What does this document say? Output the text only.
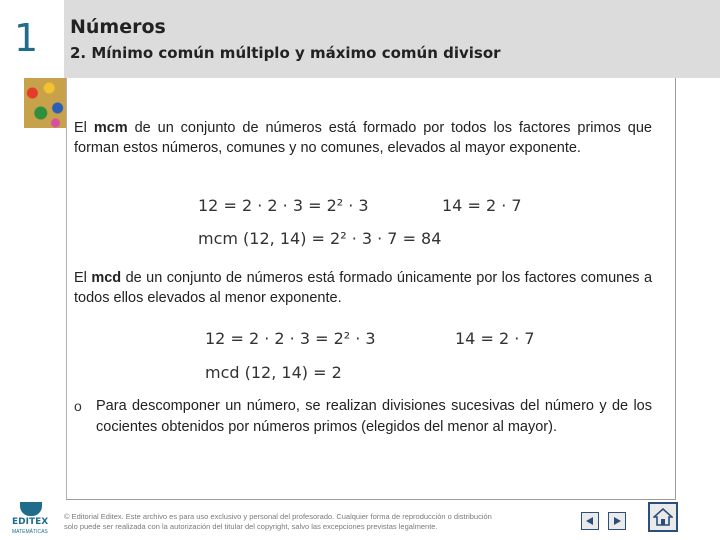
1 Números
2. Mínimo común múltiplo y máximo común divisor
El mcm de un conjunto de números está formado por todos los factores primos que forman estos números, comunes y no comunes, elevados al mayor exponente.
12 = 2 · 2 · 3 = 2² · 3	14 = 2 · 7
mcm (12, 14) = 2² · 3 · 7 = 84
El mcd de un conjunto de números está formado únicamente por los factores comunes a todos ellos elevados al menor exponente.
12 = 2 · 2 · 3 = 2² · 3	14 = 2 · 7
mcd (12, 14) = 2
o Para descomponer un número, se realizan divisiones sucesivas del número y de los cocientes obtenidos por números primos (elegidos del menor al mayor).
EDITEX
MATEMÁTICAS
© Editorial Editex. Este archivo es para uso exclusivo y personal del profesorado. Cualquier forma de reproducción o distribución solo puede ser realizada con la autorización del titular del copyright, salvo las excepciones previstas legalmente.
